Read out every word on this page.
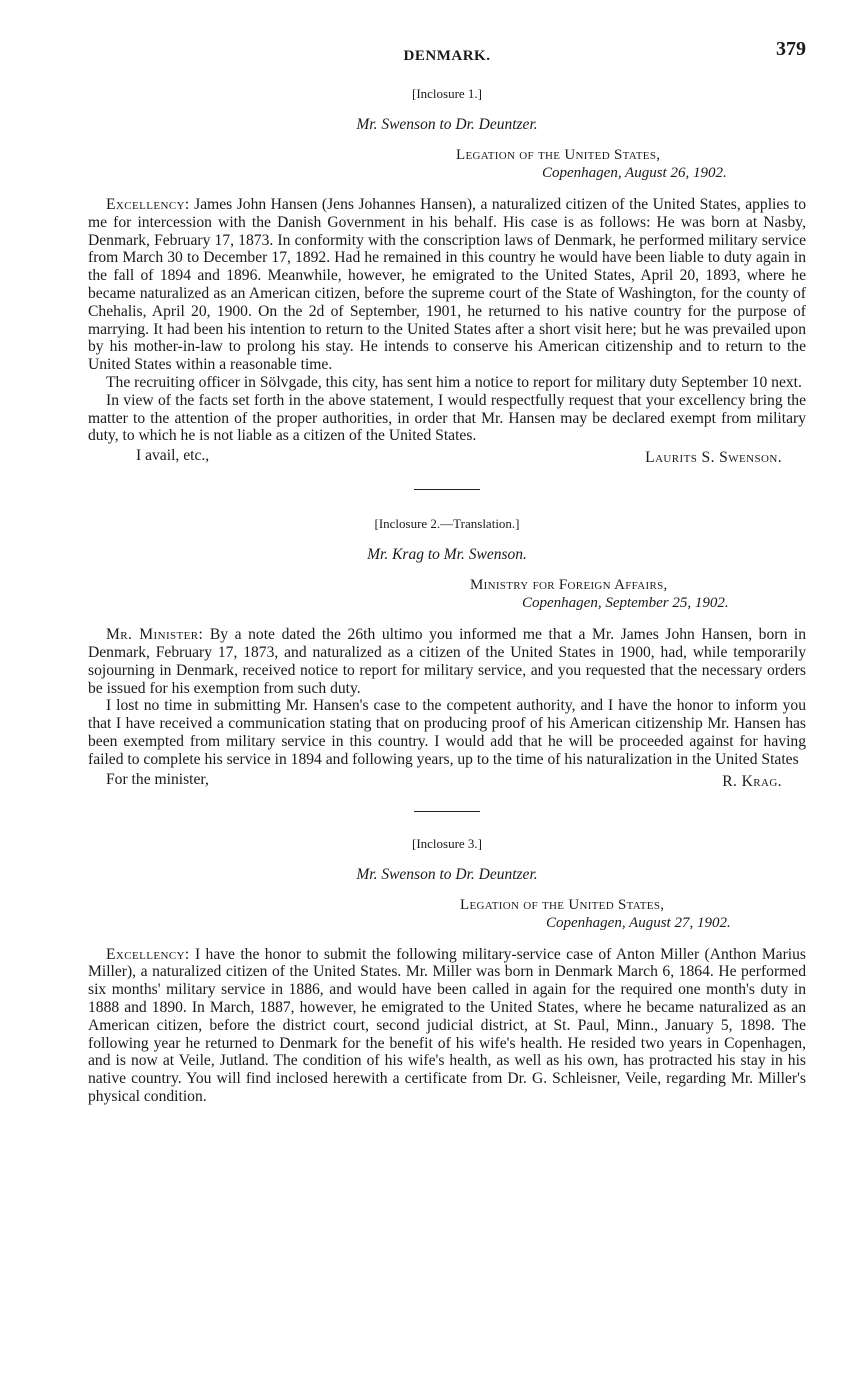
DENMARK.	379
[Inclosure 1.]
Mr. Swenson to Dr. Deuntzer.
Legation of the United States,
Copenhagen, August 26, 1902.

Excellency: James John Hansen (Jens Johannes Hansen), a naturalized citizen of the United States, applies to me for intercession with the Danish Government in his behalf. His case is as follows: He was born at Nasby, Denmark, February 17, 1873. In conformity with the conscription laws of Denmark, he performed military service from March 30 to December 17, 1892. Had he remained in this country he would have been liable to duty again in the fall of 1894 and 1896. Meanwhile, however, he emigrated to the United States, April 20, 1893, where he became naturalized as an American citizen, before the supreme court of the State of Washington, for the county of Chehalis, April 20, 1900. On the 2d of September, 1901, he returned to his native country for the purpose of marrying. It had been his intention to return to the United States after a short visit here; but he was prevailed upon by his mother-in-law to prolong his stay. He intends to conserve his American citizenship and to return to the United States within a reasonable time.

The recruiting officer in Sölvgade, this city, has sent him a notice to report for military duty September 10 next.

In view of the facts set forth in the above statement, I would respectfully request that your excellency bring the matter to the attention of the proper authorities, in order that Mr. Hansen may be declared exempt from military duty, to which he is not liable as a citizen of the United States.

I avail, etc.,	Laurits S. Swenson.
[Inclosure 2.—Translation.]
Mr. Krag to Mr. Swenson.
Ministry for Foreign Affairs,
Copenhagen, September 25, 1902.

Mr. Minister: By a note dated the 26th ultimo you informed me that a Mr. James John Hansen, born in Denmark, February 17, 1873, and naturalized as a citizen of the United States in 1900, had, while temporarily sojourning in Denmark, received notice to report for military service, and you requested that the necessary orders be issued for his exemption from such duty.

I lost no time in submitting Mr. Hansen's case to the competent authority, and I have the honor to inform you that I have received a communication stating that on producing proof of his American citizenship Mr. Hansen has been exempted from military service in this country. I would add that he will be proceeded against for having failed to complete his service in 1894 and following years, up to the time of his naturalization in the United States

For the minister,	R. Krag.
[Inclosure 3.]
Mr. Swenson to Dr. Deuntzer.
Legation of the United States,
Copenhagen, August 27, 1902.

Excellency: I have the honor to submit the following military-service case of Anton Miller (Anthon Marius Miller), a naturalized citizen of the United States. Mr. Miller was born in Denmark March 6, 1864. He performed six months' military service in 1886, and would have been called in again for the required one month's duty in 1888 and 1890. In March, 1887, however, he emigrated to the United States, where he became naturalized as an American citizen, before the district court, second judicial district, at St. Paul, Minn., January 5, 1898. The following year he returned to Denmark for the benefit of his wife's health. He resided two years in Copenhagen, and is now at Veile, Jutland. The condition of his wife's health, as well as his own, has protracted his stay in his native country. You will find inclosed herewith a certificate from Dr. G. Schleisner, Veile, regarding Mr. Miller's physical condition.
